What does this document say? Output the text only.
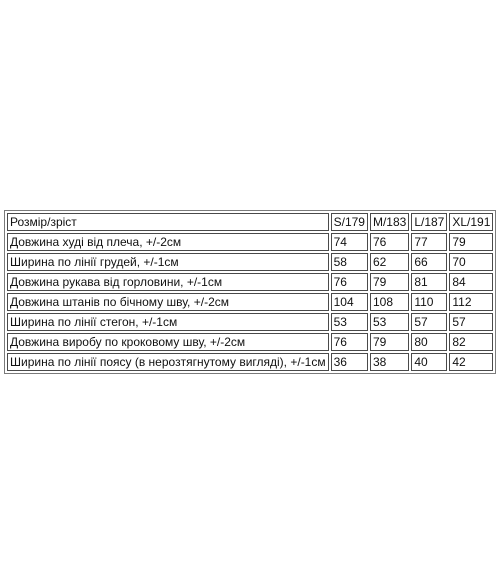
Розмір/зріст	S/179	M/183	L/187	XL/191
Довжина худі від плеча, +/-2см	74	76	77	79
Ширина по лінії грудей, +/-1см	58	62	66	70
Довжина рукава від горловини, +/-1см	76	79	81	84
Довжина штанів по бічному шву, +/-2см	104	108	110	112
Ширина по лінії стегон, +/-1см	53	53	57	57
Довжина виробу по кроковому шву, +/-2см	76	79	80	82
Ширина по лінії поясу (в нерозтягнутому вигляді), +/-1см	36	38	40	42
